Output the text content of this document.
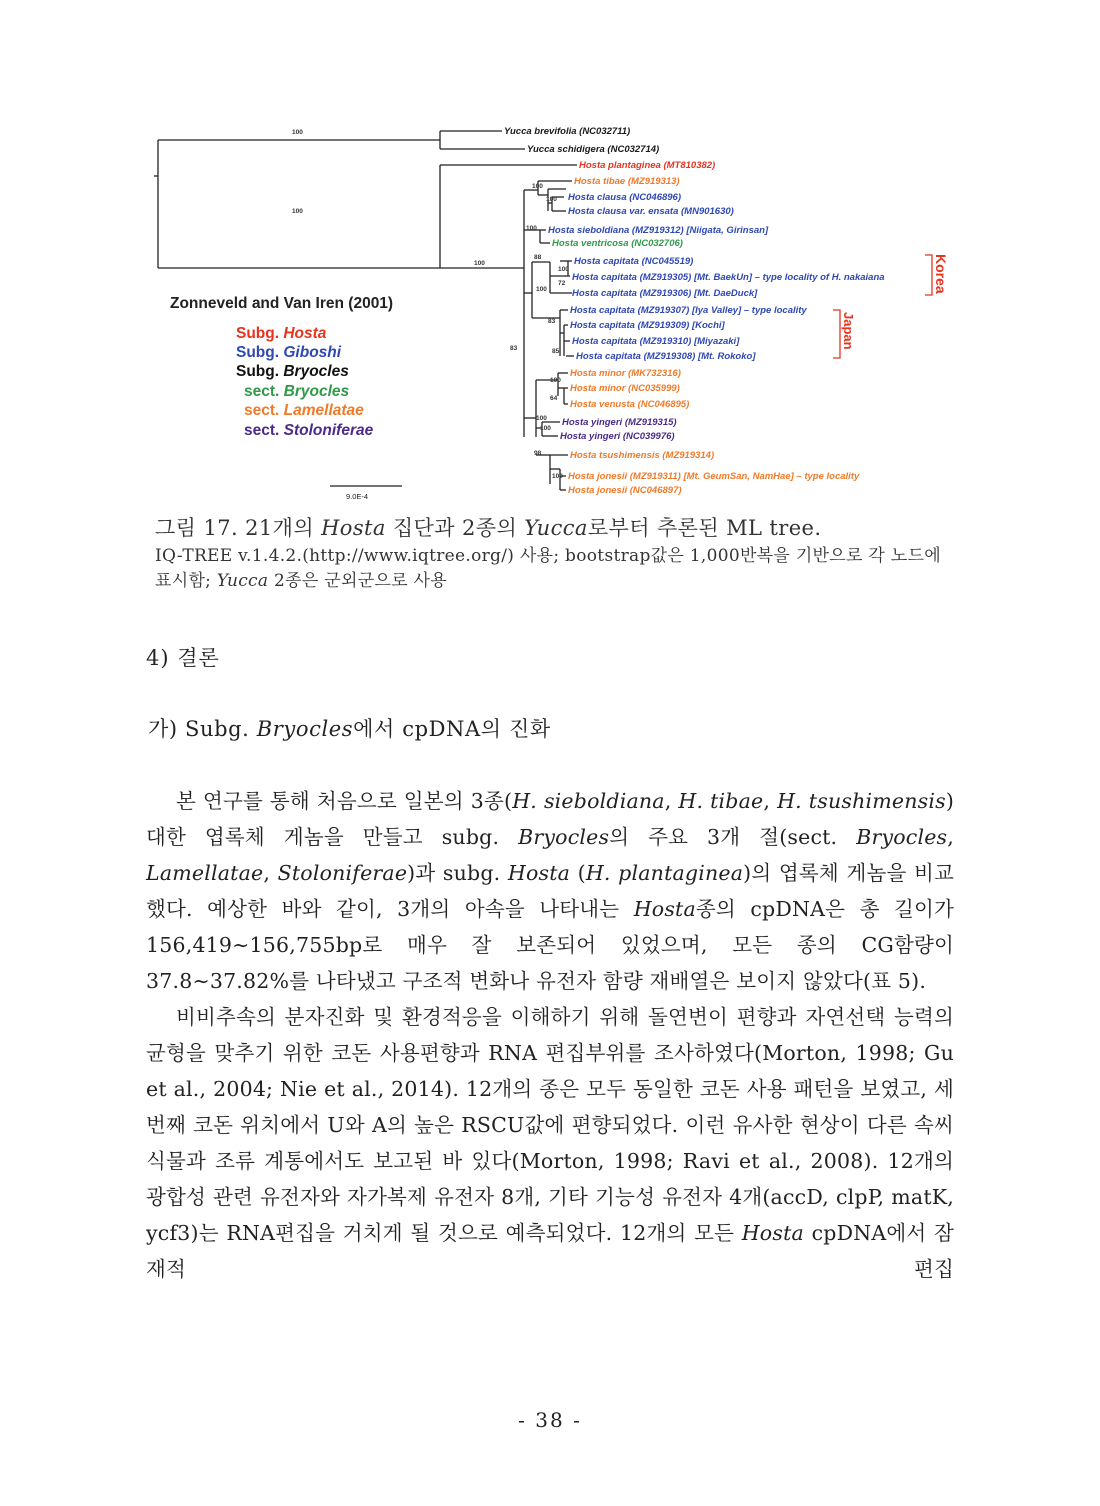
Yucca brevifolia (NC032711)
Yucca schidigera (NC032714)
Hosta plantaginea (MT810382)
Hosta tibae (MZ919313)
Hosta clausa (NC046896)
Hosta clausa var. ensata (MN901630)
Hosta sieboldiana (MZ919312) [Niigata, Girinsan]
Hosta ventricosa (NC032706)
Hosta capitata (NC045519)
Hosta capitata (MZ919305) [Mt. BaekUn] – type locality of H. nakaiana
Hosta capitata (MZ919306) [Mt. DaeDuck]
Hosta capitata (MZ919307) [Iya Valley] – type locality
Hosta capitata (MZ919309) [Kochi]
Hosta capitata (MZ919310) [Miyazaki]
Hosta capitata (MZ919308) [Mt. Rokoko]
Hosta minor (MK732316)
Hosta minor (NC035999)
Hosta venusta (NC046895)
Hosta yingeri (MZ919315)
Hosta yingeri (NC039976)
Hosta tsushimensis (MZ919314)
Hosta jonesii (MZ919311) [Mt. GeumSan, NamHae] – type locality
Hosta jonesii (NC046897)
100
100
100
100
100
100
88
100
100
72
83
85
83
100
64
100
100
98
100
Korea
Japan
Zonneveld and Van Iren (2001)
Subg. Hosta
Subg. Giboshi
Subg. Bryocles
sect. Bryocles
sect. Lamellatae
sect. Stoloniferae
9.0E-4

그림 17. 21개의 Hosta 집단과 2종의 Yucca로부터 추론된 ML tree.

IQ-TREE v.1.4.2.(http://www.iqtree.org/) 사용; bootstrap값은 1,000반복을 기반으로 각 노드에 표시함; Yucca 2종은 군외군으로 사용

4) 결론

가) Subg. Bryocles에서 cpDNA의 진화

본 연구를 통해 처음으로 일본의 3종(H. sieboldiana, H. tibae, H. tsushimensis) 대한 엽록체 게놈을 만들고 subg. Bryocles의 주요 3개 절(sect. Bryocles, Lamellatae, Stoloniferae)과 subg. Hosta (H. plantaginea)의 엽록체 게놈을 비교했다. 예상한 바와 같이, 3개의 아속을 나타내는 Hosta종의 cpDNA은 총 길이가 156,419∼156,755bp로 매우 잘 보존되어 있었으며, 모든 종의 CG함량이 37.8∼37.82%를 나타냈고 구조적 변화나 유전자 함량 재배열은 보이지 않았다(표 5).

비비추속의 분자진화 및 환경적응을 이해하기 위해 돌연변이 편향과 자연선택 능력의 균형을 맞추기 위한 코돈 사용편향과 RNA 편집부위를 조사하였다(Morton, 1998; Gu et al., 2004; Nie et al., 2014). 12개의 종은 모두 동일한 코돈 사용 패턴을 보였고, 세번째 코돈 위치에서 U와 A의 높은 RSCU값에 편향되었다. 이런 유사한 현상이 다른 속씨식물과 조류 계통에서도 보고된 바 있다(Morton, 1998; Ravi et al., 2008). 12개의 광합성 관련 유전자와 자가복제 유전자 8개, 기타 기능성 유전자 4개(accD, clpP, matK, ycf3)는 RNA편집을 거치게 될 것으로 예측되었다. 12개의 모든 Hosta cpDNA에서 잠재적 편집

- 38 -
